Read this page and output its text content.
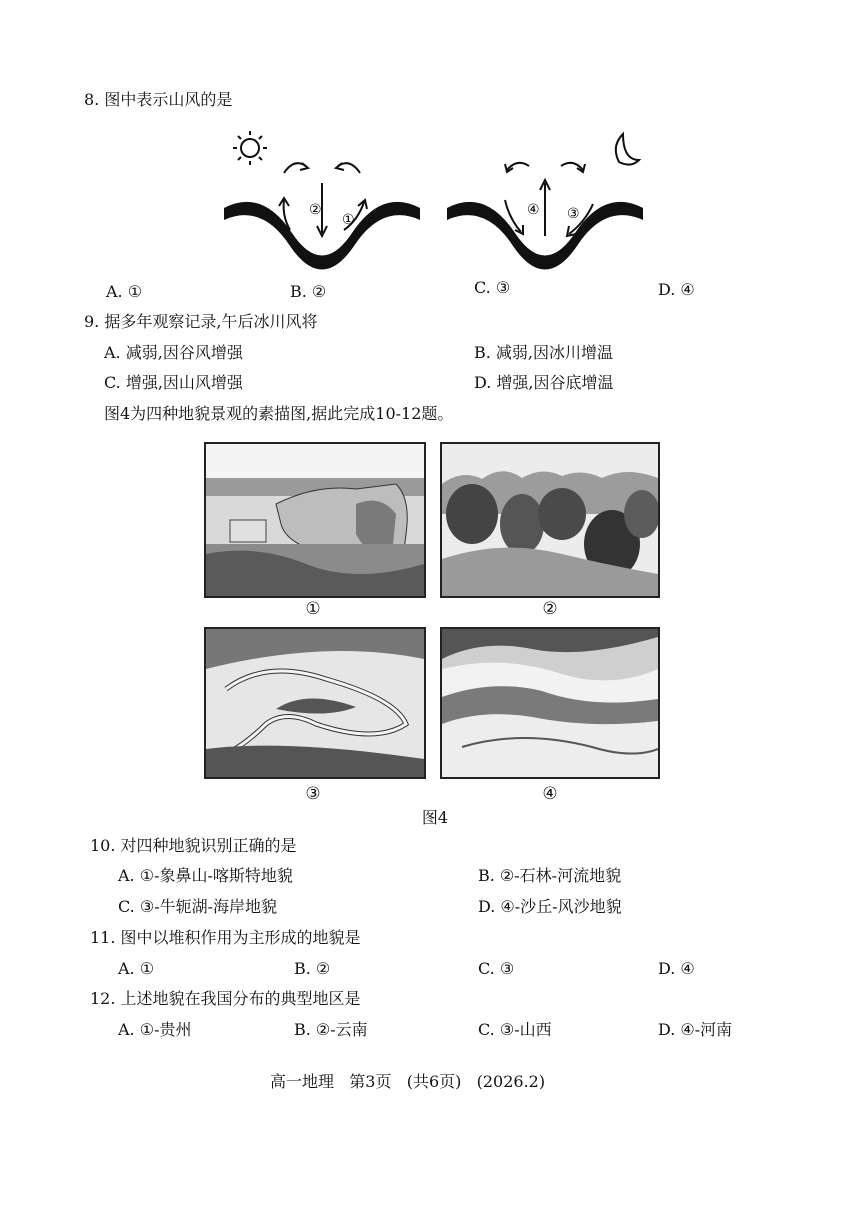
8. 图中表示山风的是
②
①
④ ③
A. ①	B. ②	C. ③	D. ④
9. 据多年观察记录,午后冰川风将
A. 减弱,因谷风增强	B. 减弱,因冰川增温
C. 增强,因山风增强	D. 增强,因谷底增温
图4为四种地貌景观的素描图,据此完成10-12题。
①	②
③	④
图4
10. 对四种地貌识别正确的是
A. ①-象鼻山-喀斯特地貌	B. ②-石林-河流地貌
C. ③-牛轭湖-海岸地貌	D. ④-沙丘-风沙地貌
11. 图中以堆积作用为主形成的地貌是
A. ①	B. ②	C. ③	D. ④
12. 上述地貌在我国分布的典型地区是
A. ①-贵州	B. ②-云南	C. ③-山西	D. ④-河南
高一地理   第3页   (共6页)   (2026.2)
